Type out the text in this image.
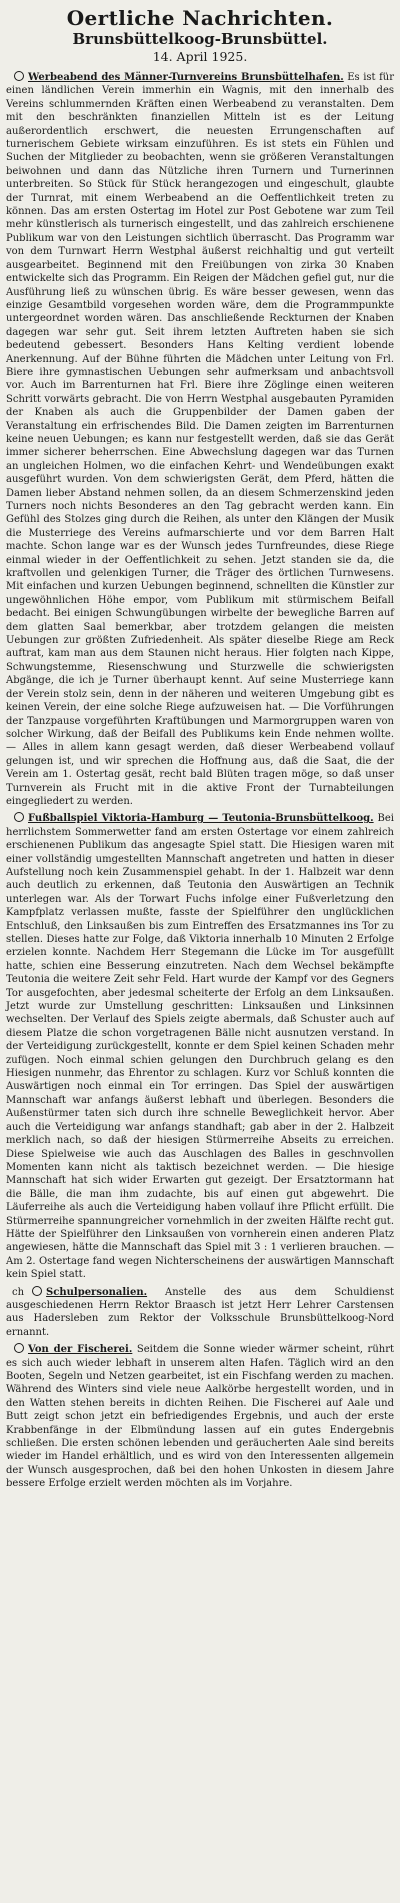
Oertliche Nachrichten.
Brunsbüttelkoog-Brunsbüttel.
14. April 1925.

Werbeabend des Männer-Turnvereins Brunsbüttelhafen. Es ist für einen ländlichen Verein immerhin ein Wagnis, mit den innerhalb des Vereins schlummernden Kräften einen Werbeabend zu veranstalten. Dem mit den beschränkten finanziellen Mitteln ist es der Leitung außerordentlich erschwert, die neuesten Errungenschaften auf turnerischem Gebiete wirksam einzuführen. Es ist stets ein Fühlen und Suchen der Mitglieder zu beobachten, wenn sie größeren Veranstaltungen beiwohnen und dann das Nützliche ihren Turnern und Turnerinnen unterbreiten. So Stück für Stück herangezogen und eingeschult, glaubte der Turnrat, mit einem Werbeabend an die Oeffentlichkeit treten zu können. Das am ersten Ostertag im Hotel zur Post Gebotene war zum Teil mehr künstlerisch als turnerisch eingestellt, und das zahlreich erschienene Publikum war von den Leistungen sichtlich überrascht. Das Programm war von dem Turnwart Herrn Westphal äußerst reichhaltig und gut verteilt ausgearbeitet. Beginnend mit den Freiübungen von zirka 30 Knaben entwickelte sich das Programm. Ein Reigen der Mädchen gefiel gut, nur die Ausführung ließ zu wünschen übrig. Es wäre besser gewesen, wenn das einzige Gesamtbild vorgesehen worden wäre, dem die Programmpunkte untergeordnet worden wären. Das anschließende Reckturnen der Knaben dagegen war sehr gut. Seit ihrem letzten Auftreten haben sie sich bedeutend gebessert. Besonders Hans Kelting verdient lobende Anerkennung. Auf der Bühne führten die Mädchen unter Leitung von Frl. Biere ihre gymnastischen Uebungen sehr aufmerksam und anbachtsvoll vor. Auch im Barrenturnen hat Frl. Biere ihre Zöglinge einen weiteren Schritt vorwärts gebracht. Die von Herrn Westphal ausgebauten Pyramiden der Knaben als auch die Gruppenbilder der Damen gaben der Veranstaltung ein erfrischendes Bild. Die Damen zeigten im Barrenturnen keine neuen Uebungen; es kann nur festgestellt werden, daß sie das Gerät immer sicherer beherrschen. Eine Abwechslung dagegen war das Turnen an ungleichen Holmen, wo die einfachen Kehrt- und Wendeübungen exakt ausgeführt wurden. Von dem schwierigsten Gerät, dem Pferd, hätten die Damen lieber Abstand nehmen sollen, da an diesem Schmerzenskind jeden Turners noch nichts Besonderes an den Tag gebracht werden kann. Ein Gefühl des Stolzes ging durch die Reihen, als unter den Klängen der Musik die Musterriege des Vereins aufmarschierte und vor dem Barren Halt machte. Schon lange war es der Wunsch jedes Turnfreundes, diese Riege einmal wieder in der Oeffentlichkeit zu sehen. Jetzt standen sie da, die kraftvollen und gelenkigen Turner, die Träger des örtlichen Turnwesens. Mit einfachen und kurzen Uebungen beginnend, schnellten die Künstler zur ungewöhnlichen Höhe empor, vom Publikum mit stürmischem Beifall bedacht. Bei einigen Schwungübungen wirbelte der bewegliche Barren auf dem glatten Saal bemerkbar, aber trotzdem gelangen die meisten Uebungen zur größten Zufriedenheit. Als später dieselbe Riege am Reck auftrat, kam man aus dem Staunen nicht heraus. Hier folgten nach Kippe, Schwungstemme, Riesenschwung und Sturzwelle die schwierigsten Abgänge, die ich je Turner überhaupt kennt. Auf seine Musterriege kann der Verein stolz sein, denn in der näheren und weiteren Umgebung gibt es keinen Verein, der eine solche Riege aufzuweisen hat. — Die Vorführungen der Tanzpause vorgeführten Kraftübungen und Marmorgruppen waren von solcher Wirkung, daß der Beifall des Publikums kein Ende nehmen wollte. — Alles in allem kann gesagt werden, daß dieser Werbeabend vollauf gelungen ist, und wir sprechen die Hoffnung aus, daß die Saat, die der Verein am 1. Ostertag gesät, recht bald Blüten tragen möge, so daß unser Turnverein als Frucht mit in die aktive Front der Turnabteilungen eingegliedert zu werden.

Fußballspiel Viktoria-Hamburg — Teutonia-Brunsbüttelkoog. Bei herrlichstem Sommerwetter fand am ersten Ostertage vor einem zahlreich erschienenen Publikum das angesagte Spiel statt. Die Hiesigen waren mit einer vollständig umgestellten Mannschaft angetreten und hatten in dieser Aufstellung noch kein Zusammenspiel gehabt. In der 1. Halbzeit war denn auch deutlich zu erkennen, daß Teutonia den Auswärtigen an Technik unterlegen war. Als der Torwart Fuchs infolge einer Fußverletzung den Kampfplatz verlassen mußte, fasste der Spielführer den unglücklichen Entschluß, den Linksaußen bis zum Eintreffen des Ersatzmannes ins Tor zu stellen. Dieses hatte zur Folge, daß Viktoria innerhalb 10 Minuten 2 Erfolge erzielen konnte. Nachdem Herr Stegemann die Lücke im Tor ausgefüllt hatte, schien eine Besserung einzutreten. Nach dem Wechsel bekämpfte Teutonia die weitere Zeit sehr Feld. Hart wurde der Kampf vor des Gegners Tor ausgefochten, aber jedesmal scheiterte der Erfolg an dem Linksaußen. Jetzt wurde zur Umstellung geschritten: Linksaußen und Linksinnen wechselten. Der Verlauf des Spiels zeigte abermals, daß Schuster auch auf diesem Platze die schon vorgetragenen Bälle nicht ausnutzen verstand. In der Verteidigung zurückgestellt, konnte er dem Spiel keinen Schaden mehr zufügen. Noch einmal schien gelungen den Durchbruch gelang es den Hiesigen nunmehr, das Ehrentor zu schlagen. Kurz vor Schluß konnten die Auswärtigen noch einmal ein Tor erringen. Das Spiel der auswärtigen Mannschaft war anfangs äußerst lebhaft und überlegen. Besonders die Außenstürmer taten sich durch ihre schnelle Beweglichkeit hervor. Aber auch die Verteidigung war anfangs standhaft; gab aber in der 2. Halbzeit merklich nach, so daß der hiesigen Stürmerreihe Abseits zu erreichen. Diese Spielweise wie auch das Auschlagen des Balles in geschnvollen Momenten kann nicht als taktisch bezeichnet werden. — Die hiesige Mannschaft hat sich wider Erwarten gut gezeigt. Der Ersatztormann hat die Bälle, die man ihm zudachte, bis auf einen gut abgewehrt. Die Läuferreihe als auch die Verteidigung haben vollauf ihre Pflicht erfüllt. Die Stürmerreihe spannungreicher vornehmlich in der zweiten Hälfte recht gut. Hätte der Spielführer den Linksaußen von vornherein einen anderen Platz angewiesen, hätte die Mannschaft das Spiel mit 3 : 1 verlieren brauchen. — Am 2. Ostertage fand wegen Nichterscheinens der auswärtigen Mannschaft kein Spiel statt.

ch Schulpersonalien. Anstelle des aus dem Schuldienst ausgeschiedenen Herrn Rektor Braasch ist jetzt Herr Lehrer Carstensen aus Hadersleben zum Rektor der Volksschule Brunsbüttelkoog-Nord ernannt.

Von der Fischerei. Seitdem die Sonne wieder wärmer scheint, rührt es sich auch wieder lebhaft in unserem alten Hafen. Täglich wird an den Booten, Segeln und Netzen gearbeitet, ist ein Fischfang werden zu machen. Während des Winters sind viele neue Aalkörbe hergestellt worden, und in den Watten stehen bereits in dichten Reihen. Die Fischerei auf Aale und Butt zeigt schon jetzt ein befriedigendes Ergebnis, und auch der erste Krabbenfänge in der Elbmündung lassen auf ein gutes Endergebnis schließen. Die ersten schönen lebenden und geräucherten Aale sind bereits wieder im Handel erhältlich, und es wird von den Interessenten allgemein der Wunsch ausgesprochen, daß bei den hohen Unkosten in diesem Jahre bessere Erfolge erzielt werden möchten als im Vorjahre.
